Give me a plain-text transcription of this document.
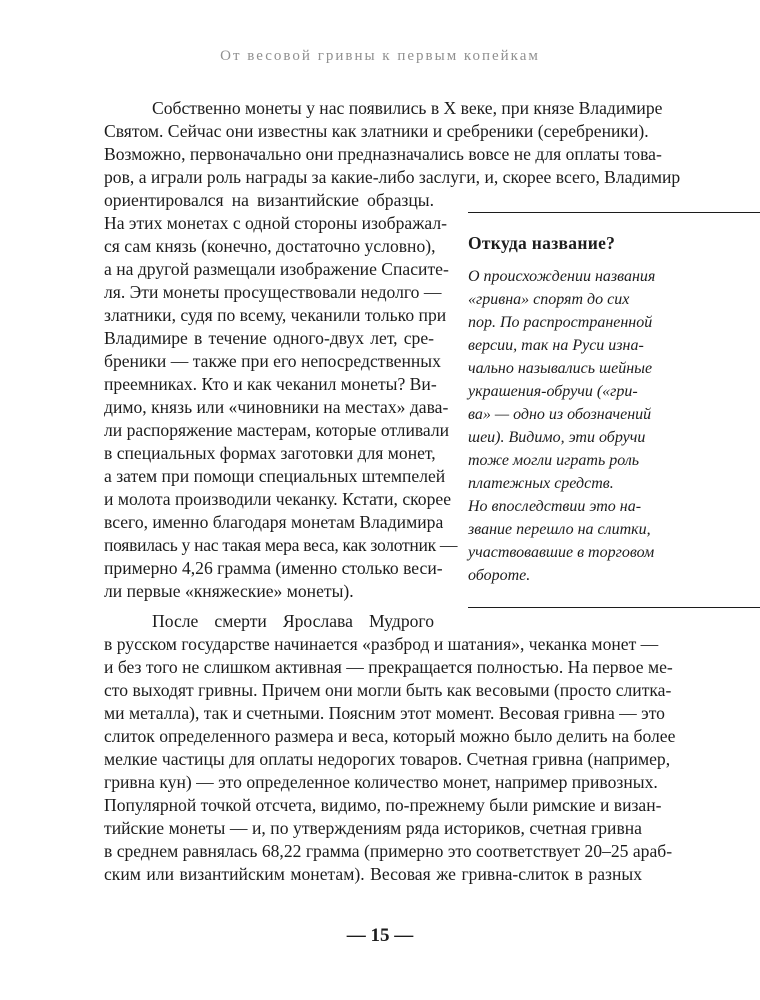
От весовой гривны к первым копейкам
Собственно монеты у нас появились в X веке, при князе Владимире
Святом. Сейчас они известны как златники и сребреники (серебреники).
Возможно, первоначально они предназначались вовсе не для оплаты това-
ров, а играли роль награды за какие-либо заслуги, и, скорее всего, Владимир
ориентировался на византийские образцы.
На этих монетах с одной стороны изображал-
ся сам князь (конечно, достаточно условно),
а на другой размещали изображение Спасите-
ля. Эти монеты просуществовали недолго —
златники, судя по всему, чеканили только при
Владимире в течение одного-двух лет, сре-
бреники — также при его непосредственных
преемниках. Кто и как чеканил монеты? Ви-
димо, князь или «чиновники на местах» дава-
ли распоряжение мастерам, которые отливали
в специальных формах заготовки для монет,
а затем при помощи специальных штемпелей
и молота производили чеканку. Кстати, скорее
всего, именно благодаря монетам Владимира
появилась у нас такая мера веса, как золотник —
примерно 4,26 грамма (именно столько веси-
ли первые «княжеские» монеты).
Откуда название?
О происхождении названия
«гривна» спорят до сих
пор. По распространенной
версии, так на Руси изна-
чально назывались шейные
украшения-обручи («гри-
ва» — одно из обозначений
шеи). Видимо, эти обручи
тоже могли играть роль
платежных средств.
Но впоследствии это на-
звание перешло на слитки,
участвовавшие в торговом
обороте.
После смерти Ярослава Мудрого
в русском государстве начинается «разброд и шатания», чеканка монет —
и без того не слишком активная — прекращается полностью. На первое ме-
сто выходят гривны. Причем они могли быть как весовыми (просто слитка-
ми металла), так и счетными. Поясним этот момент. Весовая гривна — это
слиток определенного размера и веса, который можно было делить на более
мелкие частицы для оплаты недорогих товаров. Счетная гривна (например,
гривна кун) — это определенное количество монет, например привозных.
Популярной точкой отсчета, видимо, по-прежнему были римские и визан-
тийские монеты — и, по утверждениям ряда историков, счетная гривна
в среднем равнялась 68,22 грамма (примерно это соответствует 20–25 араб-
ским или византийским монетам). Весовая же гривна-слиток в разных
— 15 —
